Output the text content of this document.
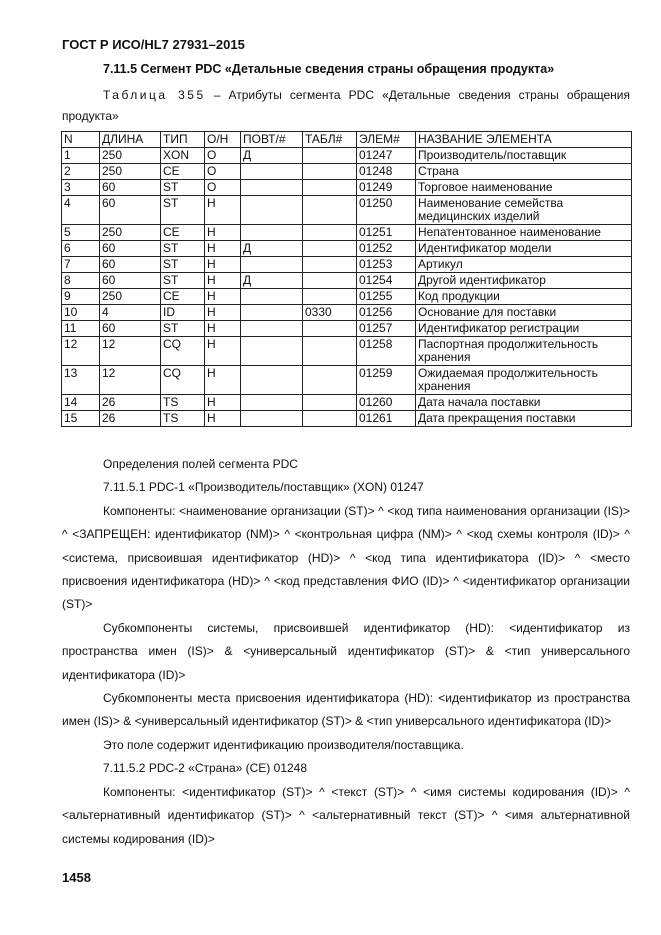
ГОСТ Р ИСО/HL7 27931–2015
7.11.5 Сегмент PDC «Детальные сведения страны обращения продукта»
Таблица 355 – Атрибуты сегмента PDC «Детальные сведения страны обращения продукта»
N	ДЛИНА	ТИП	О/Н	ПОВТ/#	ТАБЛ#	ЭЛЕМ#	НАЗВАНИЕ ЭЛЕМЕНТА
1	250	XON	О	Д		01247	Производитель/поставщик
2	250	CE	О			01248	Страна
3	60	ST	О			01249	Торговое наименование
4	60	ST	Н			01250	Наименование семейства медицинских изделий
5	250	CE	Н			01251	Непатентованное наименование
6	60	ST	Н	Д		01252	Идентификатор модели
7	60	ST	Н			01253	Артикул
8	60	ST	Н	Д		01254	Другой идентификатор
9	250	CE	Н			01255	Код продукции
10	4	ID	Н		0330	01256	Основание для поставки
11	60	ST	Н			01257	Идентификатор регистрации
12	12	CQ	Н			01258	Паспортная продолжительность хранения
13	12	CQ	Н			01259	Ожидаемая продолжительность хранения
14	26	TS	Н			01260	Дата начала поставки
15	26	TS	Н			01261	Дата прекращения поставки

Определения полей сегмента PDC

7.11.5.1 PDC-1 «Производитель/поставщик» (XON) 01247

Компоненты: <наименование организации (ST)> ^ <код типа наименования организации (IS)> ^ <ЗАПРЕЩЕН: идентификатор (NM)> ^ <контрольная цифра (NM)> ^ <код схемы контроля (ID)> ^ <система, присвоившая идентификатор (HD)> ^ <код типа идентификатора (ID)> ^ <место присвоения идентификатора (HD)> ^ <код представления ФИО (ID)> ^ <идентификатор организации (ST)>

Субкомпоненты системы, присвоившей идентификатор (HD): <идентификатор из пространства имен (IS)> & <универсальный идентификатор (ST)> & <тип универсального идентификатора (ID)>

Субкомпоненты места присвоения идентификатора (HD): <идентификатор из пространства имен (IS)> & <универсальный идентификатор (ST)> & <тип универсального идентификатора (ID)>

Это поле содержит идентификацию производителя/поставщика.

7.11.5.2 PDC-2 «Страна» (CE) 01248

Компоненты: <идентификатор (ST)> ^ <текст (ST)> ^ <имя системы кодирования (ID)> ^ <альтернативный идентификатор (ST)> ^ <альтернативный текст (ST)> ^ <имя альтернативной системы кодирования (ID)>

1458
